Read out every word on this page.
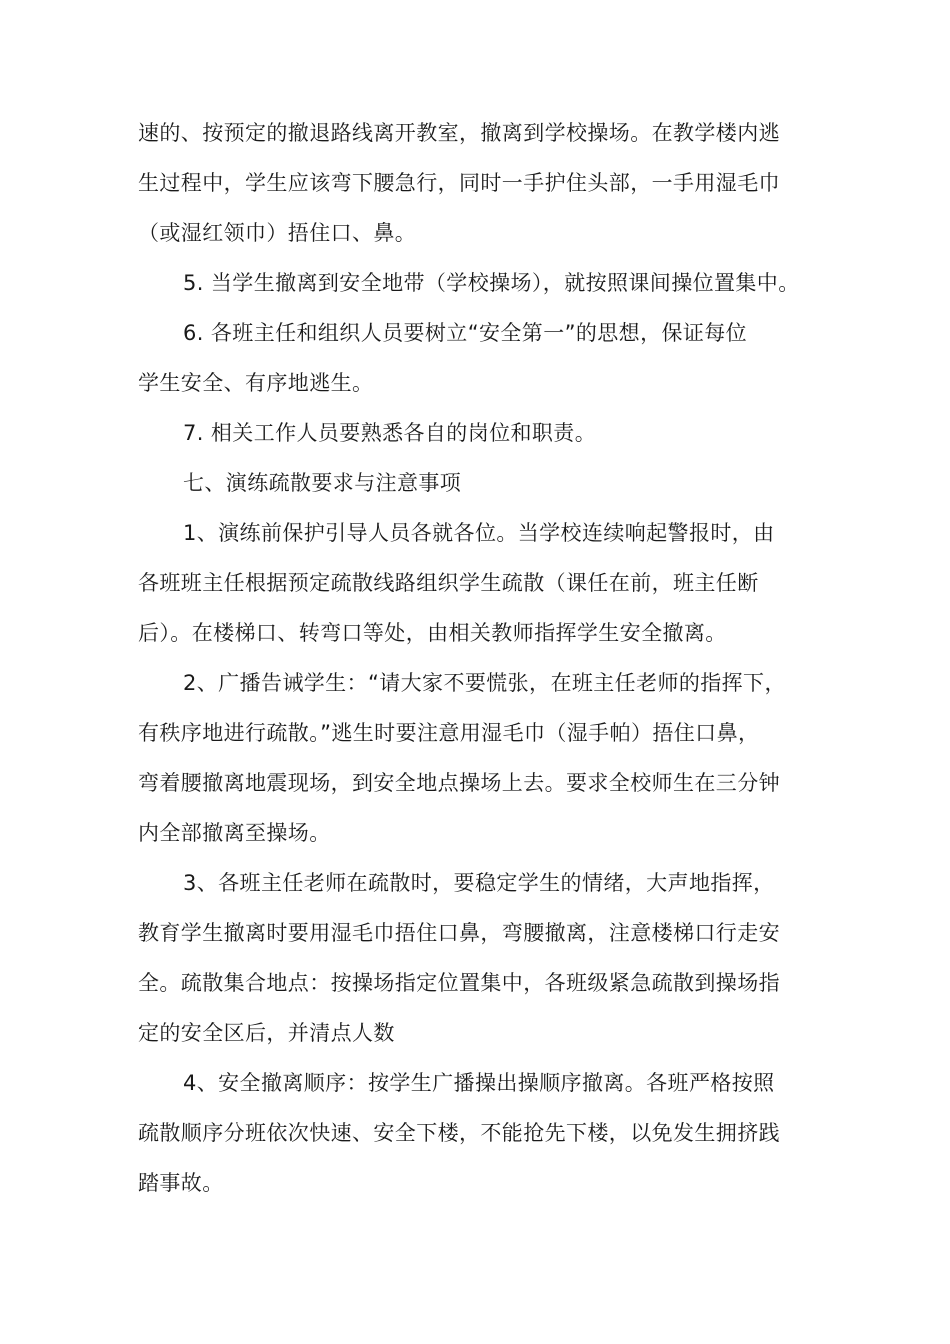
速的、按预定的撤退路线离开教室，撤离到学校操场。在教学楼内逃
生过程中，学生应该弯下腰急行，同时一手护住头部，一手用湿毛巾
（或湿红领巾）捂住口、鼻。
5. 当学生撤离到安全地带（学校操场），就按照课间操位置集中。
6. 各班主任和组织人员要树立“安全第一”的思想，保证每位
学生安全、有序地逃生。
7. 相关工作人员要熟悉各自的岗位和职责。
七、演练疏散要求与注意事项
1、演练前保护引导人员各就各位。当学校连续响起警报时，由
各班班主任根据预定疏散线路组织学生疏散（课任在前，班主任断
后）。在楼梯口、转弯口等处，由相关教师指挥学生安全撤离。
2、广播告诫学生：“请大家不要慌张，在班主任老师的指挥下，
有秩序地进行疏散。”逃生时要注意用湿毛巾（湿手帕）捂住口鼻，
弯着腰撤离地震现场，到安全地点操场上去。要求全校师生在三分钟
内全部撤离至操场。
3、各班主任老师在疏散时，要稳定学生的情绪，大声地指挥，
教育学生撤离时要用湿毛巾捂住口鼻，弯腰撤离，注意楼梯口行走安
全。疏散集合地点：按操场指定位置集中，各班级紧急疏散到操场指
定的安全区后，并清点人数
4、安全撤离顺序：按学生广播操出操顺序撤离。各班严格按照
疏散顺序分班依次快速、安全下楼，不能抢先下楼，以免发生拥挤践
踏事故。
